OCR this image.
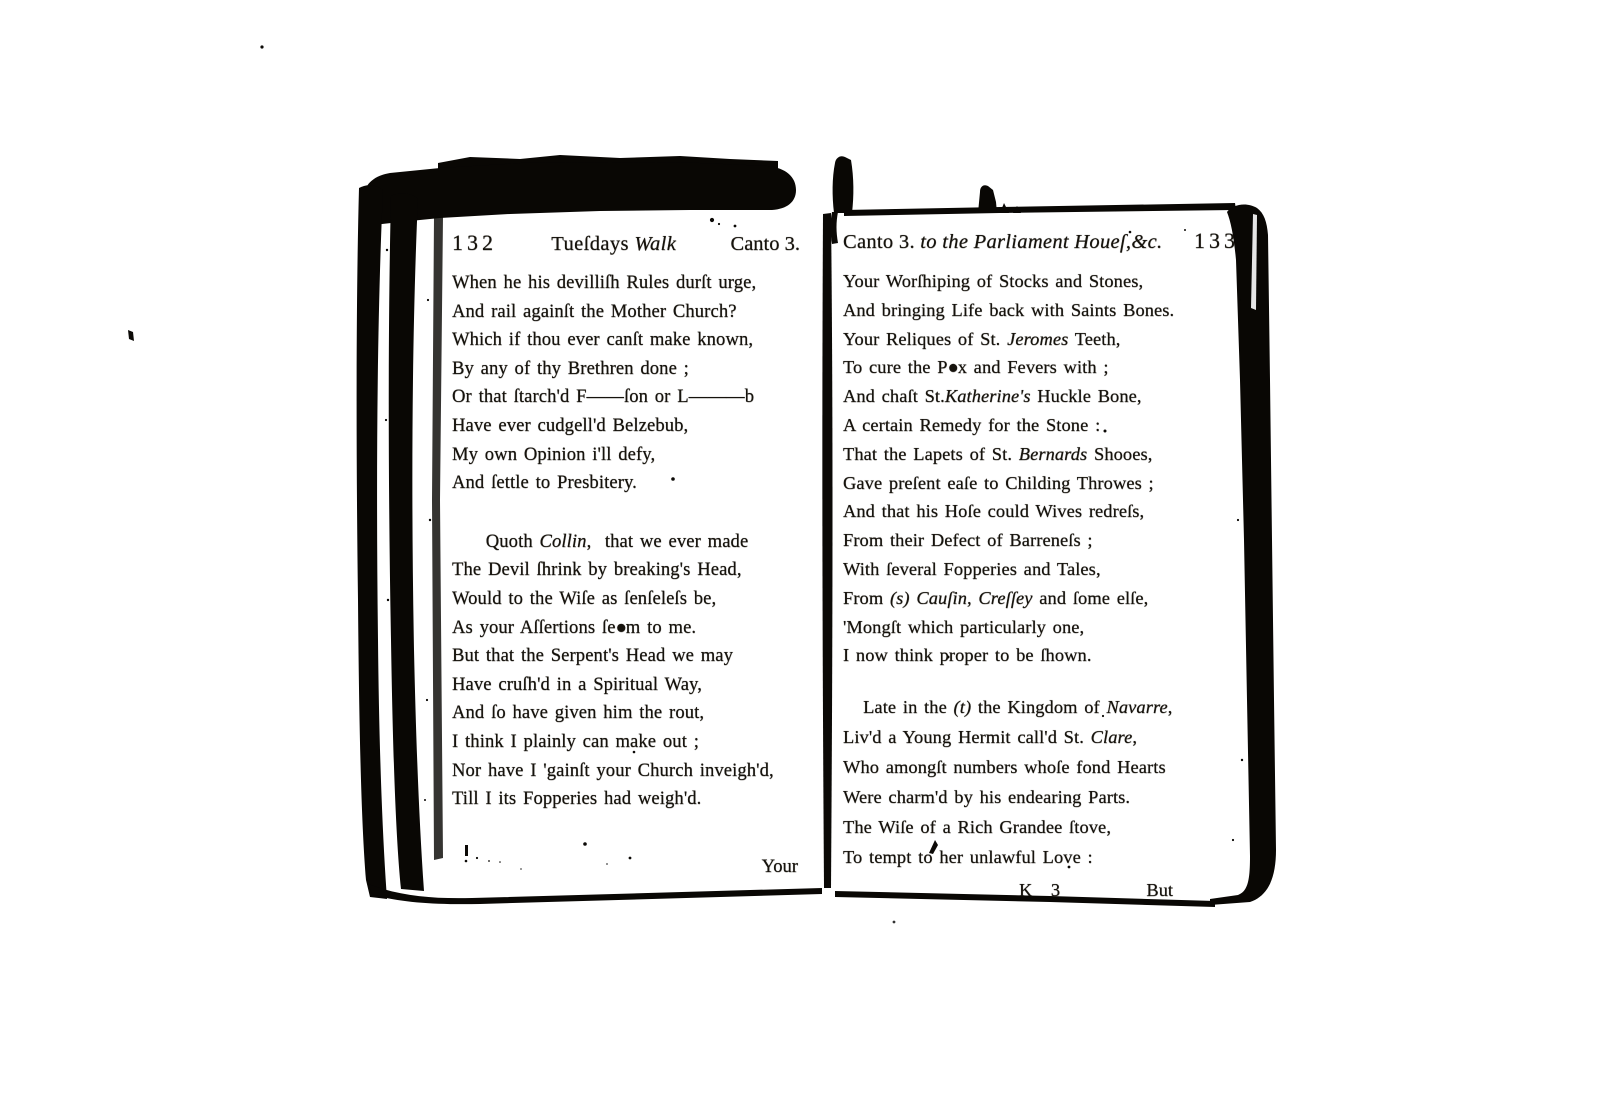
132	Tueſdays Walk	Canto 3.
When he his devilliſh Rules durſt urge,
And rail againſt the Mother Church?
Which if thou ever canſt make known,
By any of thy Brethren done ;
Or that ſtarch'd F——ſon or L———b
Have ever cudgell'd Belzebub,
My own Opinion i'll defy,
And ſettle to Presbitery.
Quoth Collin,  that we ever made
The Devil ſhrink by breaking's Head,
Would to the Wiſe as ſenſeleſs be,
As your Aſſertions ſe●m to me.
But that the Serpent's Head we may
Have cruſh'd in a Spiritual Way,
And ſo have given him the rout,
I think I plainly can make out ;
Nor have I 'gainſt your Church inveigh'd,
Till I its Fopperies had weigh'd.
Your
Canto 3. to the Parliament Houeſ,&c. 133
Your Worſhiping of Stocks and Stones,
And bringing Life back with Saints Bones.
Your Reliques of St. Jeromes Teeth,
To cure the P●x and Fevers with ;
And chaſt St.Katherine's Huckle Bone,
A certain Remedy for the Stone :
That the Lapets of St. Bernards Shooes,
Gave preſent eaſe to Childing Throwes ;
And that his Hoſe could Wives redreſs,
From their Defect of Barreneſs ;
With ſeveral Fopperies and Tales,
From (s) Cauſin, Creſſey and ſome elſe,
'Mongſt which particularly one,
I now think proper to be ſhown.
Late in the (t) the Kingdom of Navarre,
Liv'd a Young Hermit call'd St. Clare,
Who amongſt numbers whoſe fond Hearts
Were charm'd by his endearing Parts.
The Wiſe of a Rich Grandee ſtove,
To tempt to her unlawful Love :
K 3	But
